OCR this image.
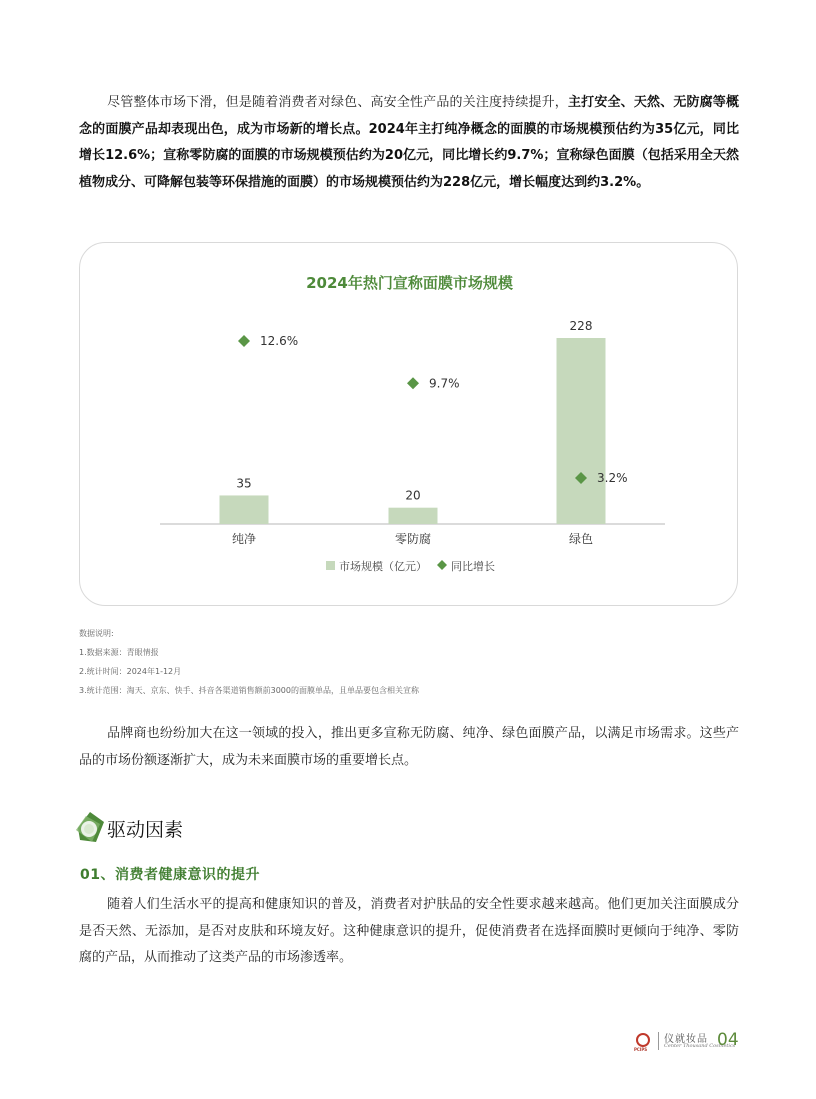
尽管整体市场下滑，但是随着消费者对绿色、高安全性产品的关注度持续提升，主打安全、天然、无防腐等概念的面膜产品却表现出色，成为市场新的增长点。2024年主打纯净概念的面膜的市场规模预估约为35亿元，同比增长12.6%；宣称零防腐的面膜的市场规模预估约为20亿元，同比增长约9.7%；宣称绿色面膜（包括采用全天然植物成分、可降解包装等环保措施的面膜）的市场规模预估约为228亿元，增长幅度达到约3.2%。
2024年热门宣称面膜市场规模
35
纯净
20
零防腐
228
绿色
12.6%
9.7%
3.2%
市场规模（亿元） 同比增长
数据说明:
1.数据来源：青眼情报
2.统计时间：2024年1-12月
3.统计范围：淘天、京东、快手、抖音各渠道销售额前3000的面膜单品，且单品要包含相关宣称
品牌商也纷纷加大在这一领域的投入，推出更多宣称无防腐、纯净、绿色面膜产品，以满足市场需求。这些产品的市场份额逐渐扩大，成为未来面膜市场的重要增长点。
驱动因素
01、消费者健康意识的提升
随着人们生活水平的提高和健康知识的普及，消费者对护肤品的安全性要求越来越高。他们更加关注面膜成分是否天然、无添加，是否对皮肤和环境友好。这种健康意识的提升，促使消费者在选择面膜时更倾向于纯净、零防腐的产品，从而推动了这类产品的市场渗透率。
PCIPS
仪就妆品
Center Thousand Cosmetics
04
